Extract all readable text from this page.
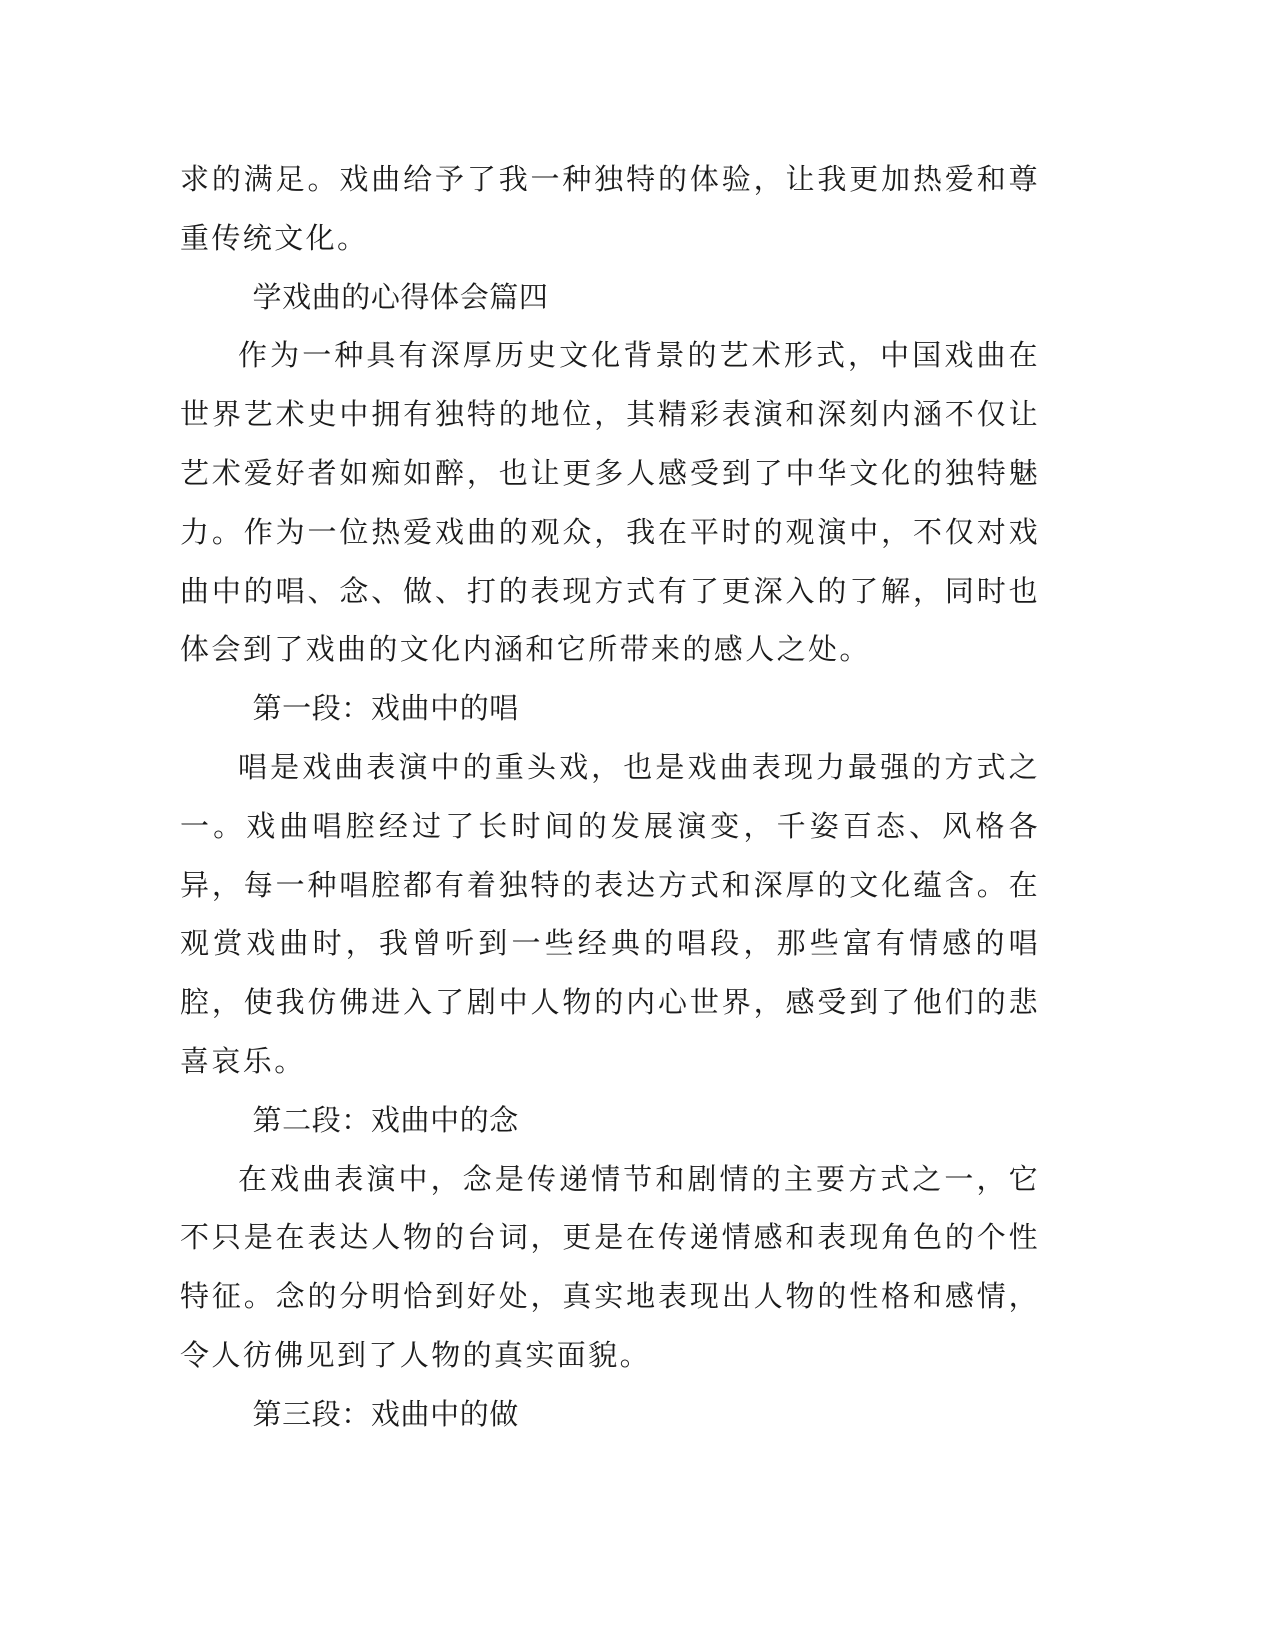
求的满足。戏曲给予了我一种独特的体验，让我更加热爱和尊重传统文化。

学戏曲的心得体会篇四

作为一种具有深厚历史文化背景的艺术形式，中国戏曲在世界艺术史中拥有独特的地位，其精彩表演和深刻内涵不仅让艺术爱好者如痴如醉，也让更多人感受到了中华文化的独特魅力。作为一位热爱戏曲的观众，我在平时的观演中，不仅对戏曲中的唱、念、做、打的表现方式有了更深入的了解，同时也体会到了戏曲的文化内涵和它所带来的感人之处。

第一段：戏曲中的唱

唱是戏曲表演中的重头戏，也是戏曲表现力最强的方式之一。戏曲唱腔经过了长时间的发展演变，千姿百态、风格各异，每一种唱腔都有着独特的表达方式和深厚的文化蕴含。在观赏戏曲时，我曾听到一些经典的唱段，那些富有情感的唱腔，使我仿佛进入了剧中人物的内心世界，感受到了他们的悲喜哀乐。

第二段：戏曲中的念

在戏曲表演中，念是传递情节和剧情的主要方式之一，它不只是在表达人物的台词，更是在传递情感和表现角色的个性特征。念的分明恰到好处，真实地表现出人物的性格和感情，令人彷佛见到了人物的真实面貌。

第三段：戏曲中的做
